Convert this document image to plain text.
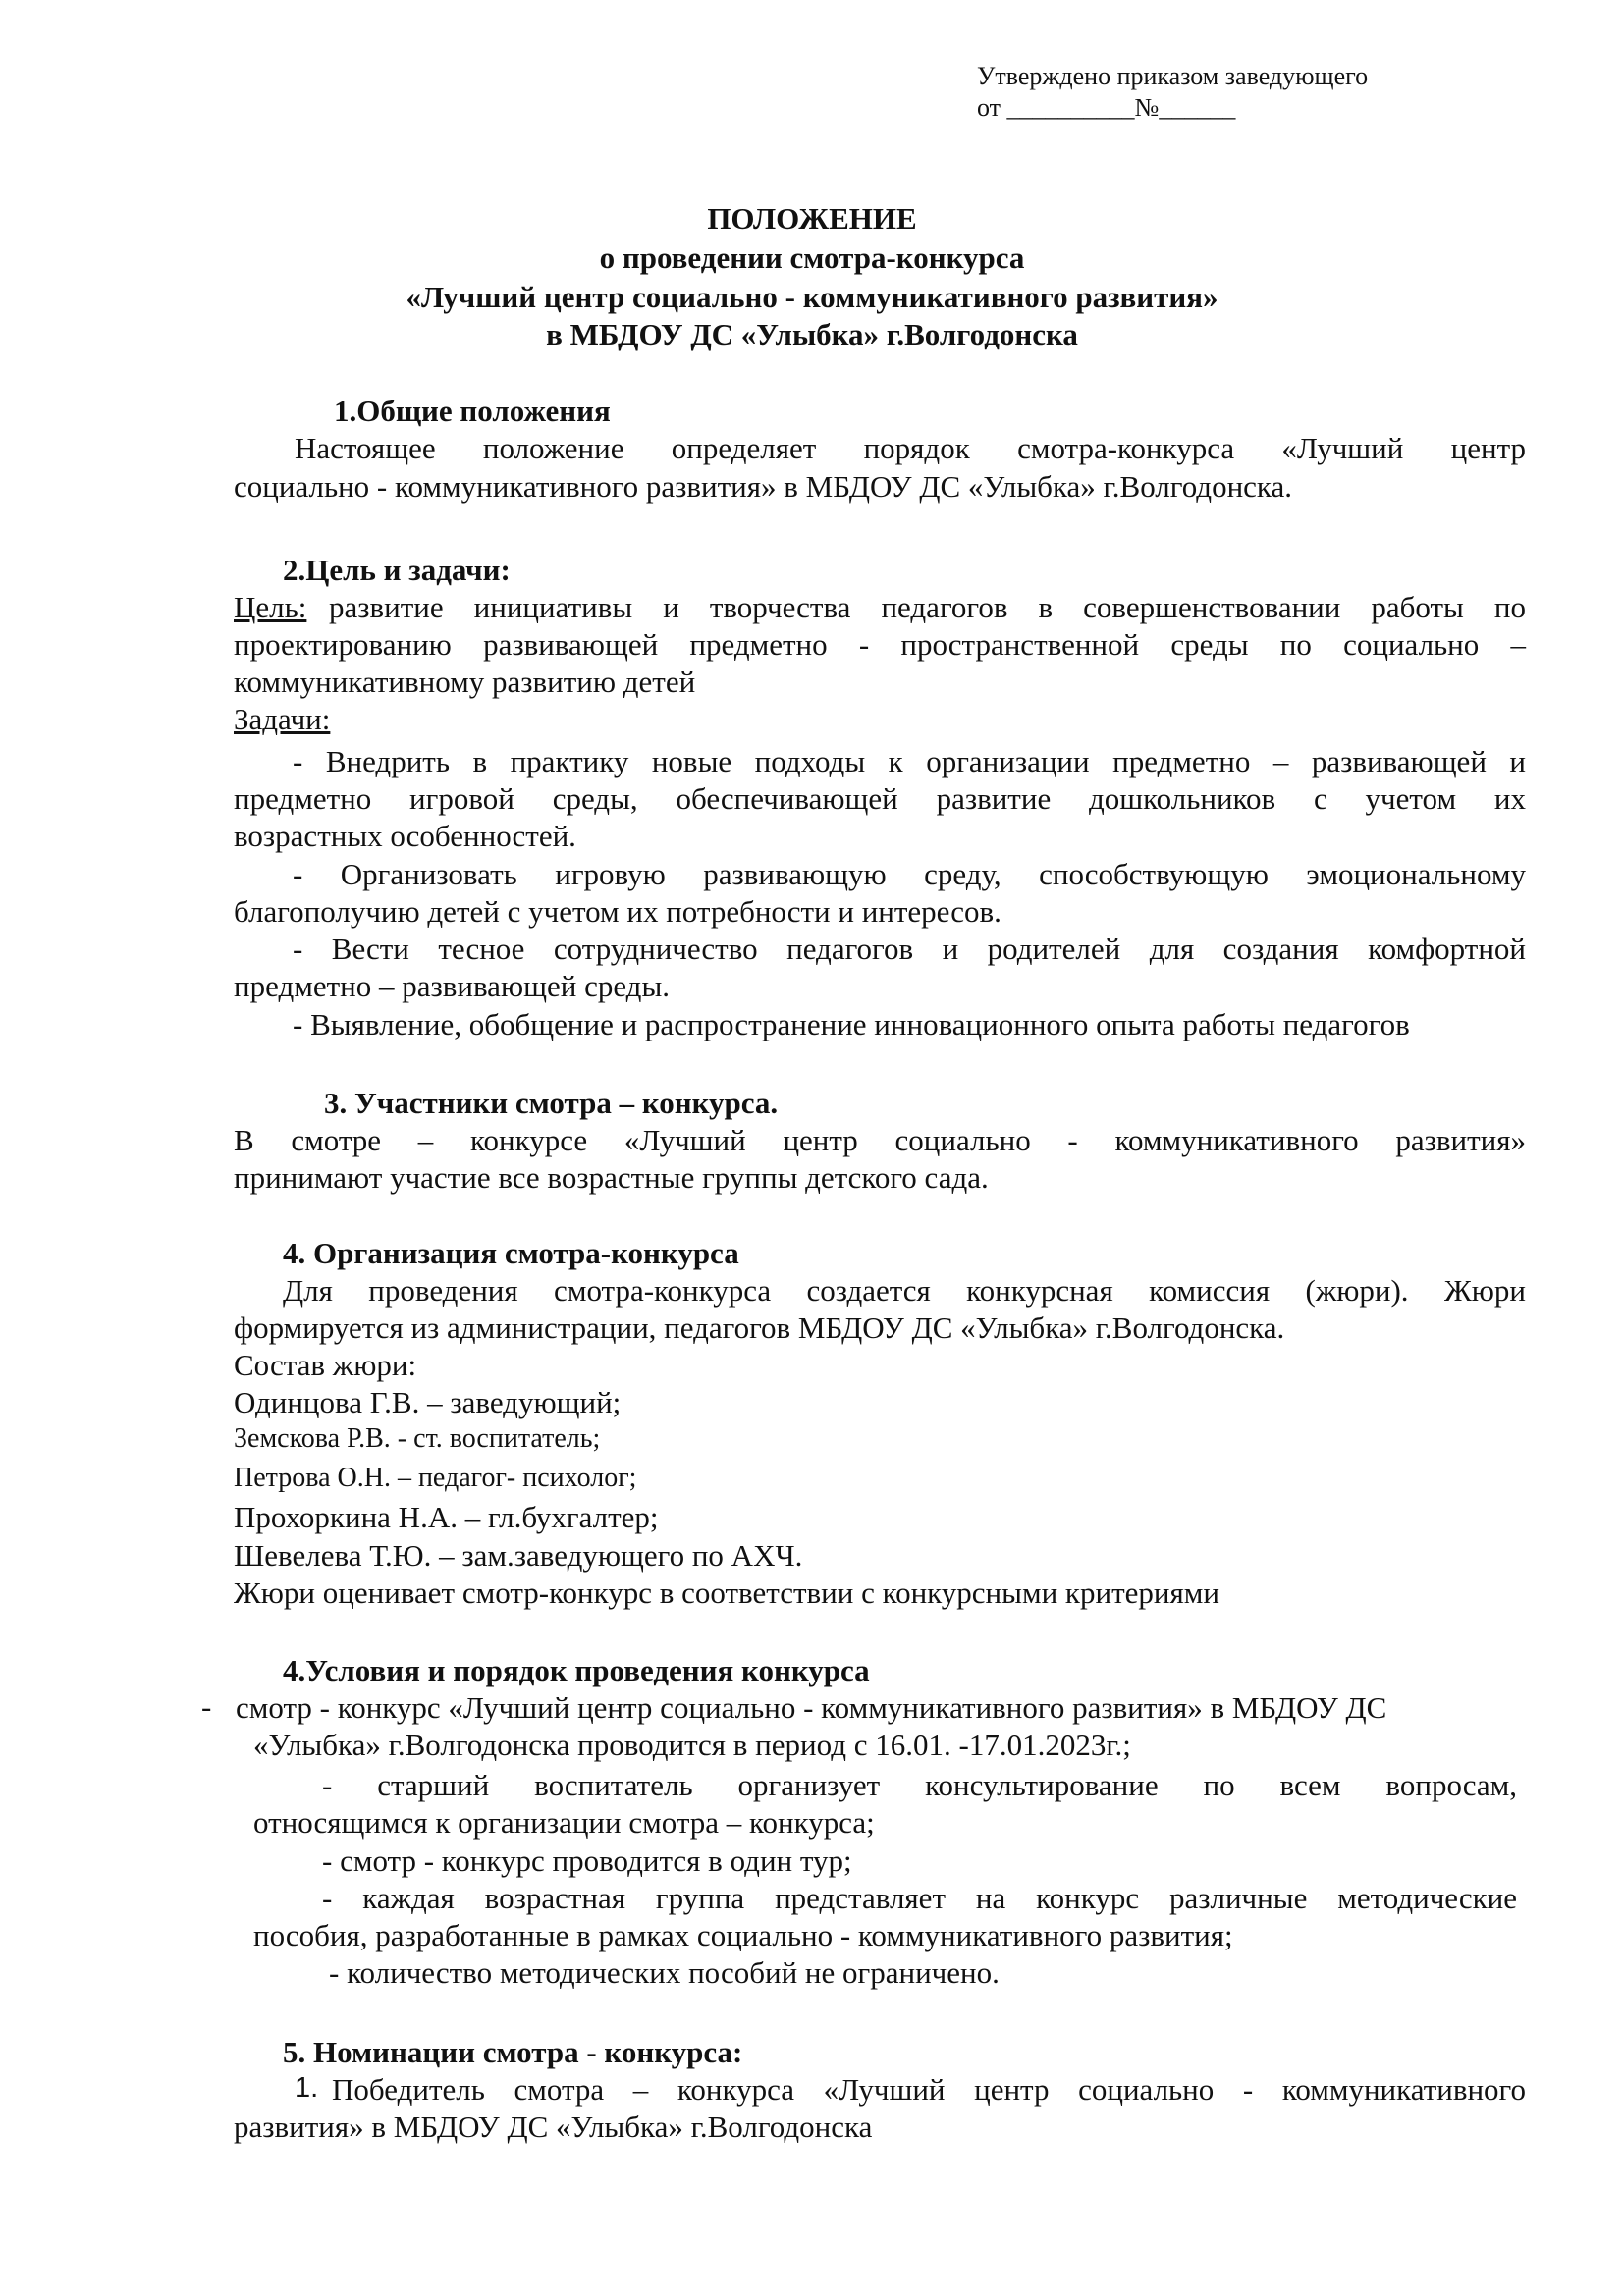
Утверждено приказом заведующего
от __________№______
ПОЛОЖЕНИЕ
о проведении смотра-конкурса
«Лучший центр социально - коммуникативного развития»
в МБДОУ ДС «Улыбка» г.Волгодонска
1.Общие положения
Настоящее положение определяет порядок смотра-конкурса «Лучший центр
социально - коммуникативного развития» в МБДОУ ДС «Улыбка» г.Волгодонска.
2.Цель и задачи:
Цель: развитие инициативы и творчества педагогов в совершенствовании работы по
проектированию развивающей предметно - пространственной среды по социально –
коммуникативному развитию детей
Задачи:
- Внедрить в практику новые подходы к организации предметно – развивающей и
предметно игровой среды, обеспечивающей развитие дошкольников с учетом их
возрастных особенностей.
- Организовать игровую развивающую среду, способствующую эмоциональному
благополучию детей с учетом их потребности и интересов.
- Вести тесное сотрудничество педагогов и родителей для создания комфортной
предметно – развивающей среды.
- Выявление, обобщение и распространение инновационного опыта работы педагогов
3. Участники смотра – конкурса.
В смотре – конкурсе «Лучший центр социально - коммуникативного развития»
принимают участие все возрастные группы детского сада.
4. Организация смотра-конкурса
Для проведения смотра-конкурса создается конкурсная комиссия (жюри). Жюри
формируется из администрации, педагогов МБДОУ ДС «Улыбка» г.Волгодонска.
Состав жюри:
Одинцова Г.В. – заведующий;
Земскова Р.В. - ст. воспитатель;
Петрова О.Н. – педагог- психолог;
Прохоркина Н.А. – гл.бухгалтер;
Шевелева Т.Ю. – зам.заведующего по АХЧ.
Жюри оценивает смотр-конкурс в соответствии с конкурсными критериями
4.Условия и порядок проведения конкурса
- смотр - конкурс «Лучший центр социально - коммуникативного развития» в МБДОУ ДС
«Улыбка» г.Волгодонска проводится в период с 16.01. -17.01.2023г.;
- старший воспитатель организует консультирование по всем вопросам,
относящимся к организации смотра – конкурса;
- смотр - конкурс проводится в один тур;
- каждая возрастная группа представляет на конкурс различные методические
пособия, разработанные в рамках социально - коммуникативного развития;
- количество методических пособий не ограничено.
5. Номинации смотра - конкурса:
1. Победитель смотра – конкурса «Лучший центр социально - коммуникативного
развития» в МБДОУ ДС «Улыбка» г.Волгодонска
